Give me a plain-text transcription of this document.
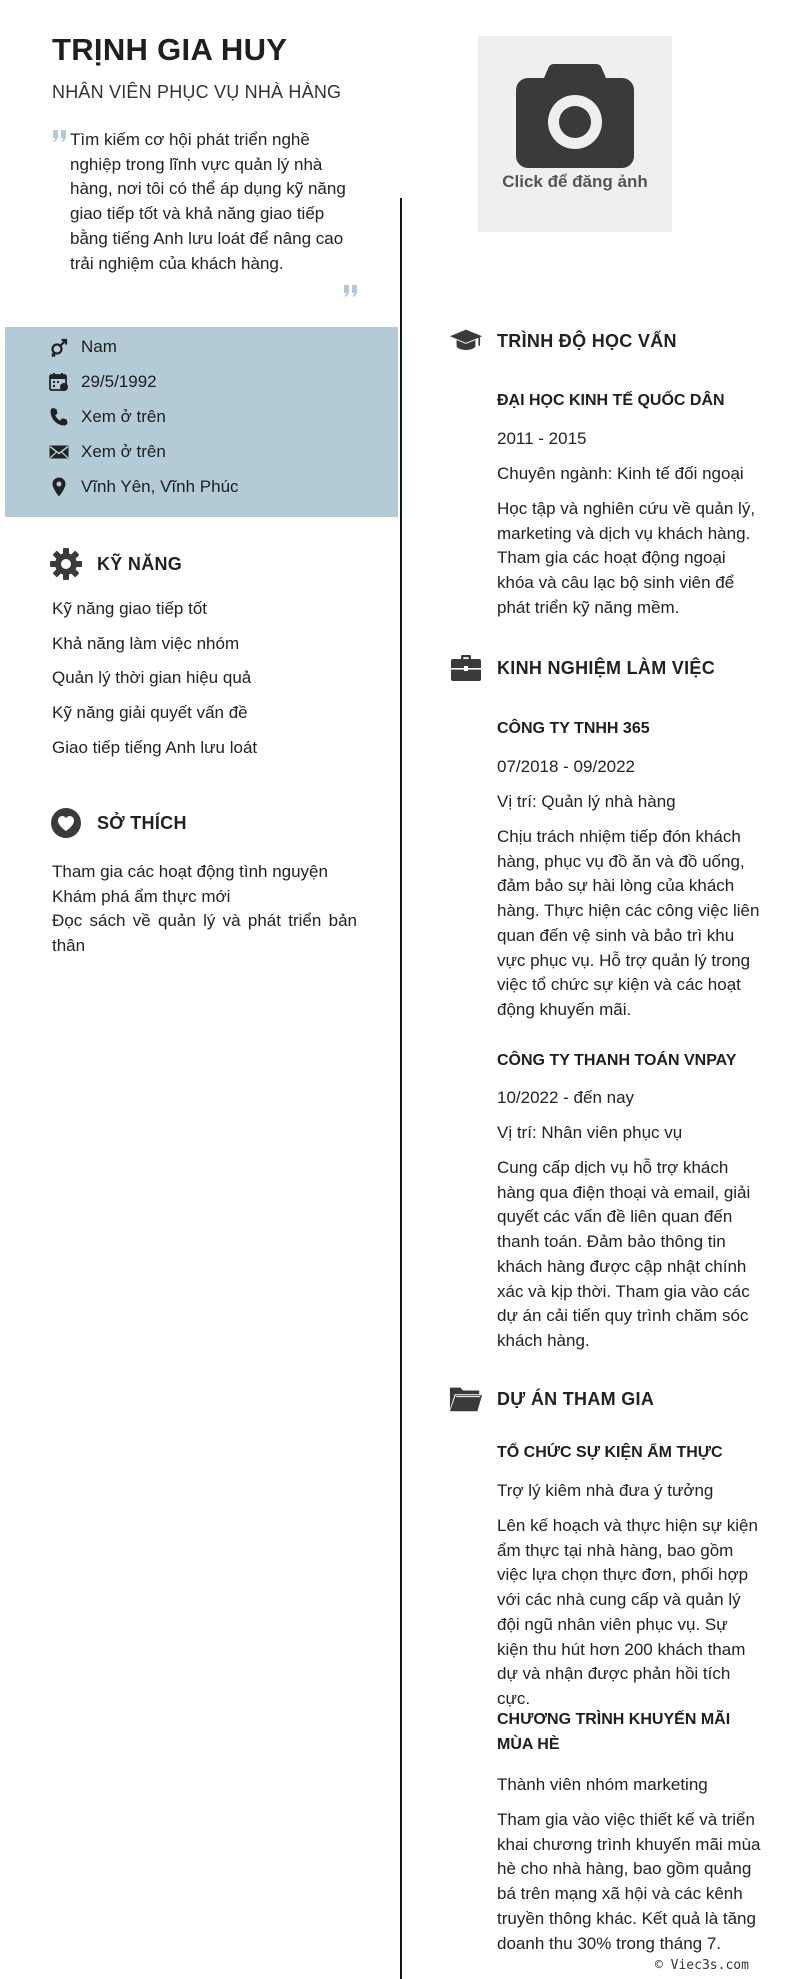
TRỊNH GIA HUY
NHÂN VIÊN PHỤC VỤ NHÀ HÀNG
Tìm kiếm cơ hội phát triển nghề nghiệp trong lĩnh vực quản lý nhà hàng, nơi tôi có thể áp dụng kỹ năng giao tiếp tốt và khả năng giao tiếp bằng tiếng Anh lưu loát để nâng cao trải nghiệm của khách hàng.
Click để đăng ảnh
Nam
29/5/1992
Xem ở trên
Xem ở trên
Vĩnh Yên, Vĩnh Phúc
KỸ NĂNG
Kỹ năng giao tiếp tốt
Khả năng làm việc nhóm
Quản lý thời gian hiệu quả
Kỹ năng giải quyết vấn đề
Giao tiếp tiếng Anh lưu loát
SỞ THÍCH
Tham gia các hoạt động tình nguyện
Khám phá ẩm thực mới
Đọc sách về quản lý và phát triển bản thân
TRÌNH ĐỘ HỌC VẤN
ĐẠI HỌC KINH TẾ QUỐC DÂN
2011 - 2015
Chuyên ngành: Kinh tế đối ngoại
Học tập và nghiên cứu về quản lý, marketing và dịch vụ khách hàng. Tham gia các hoạt động ngoại khóa và câu lạc bộ sinh viên để phát triển kỹ năng mềm.
KINH NGHIỆM LÀM VIỆC
CÔNG TY TNHH 365
07/2018 - 09/2022
Vị trí: Quản lý nhà hàng
Chịu trách nhiệm tiếp đón khách hàng, phục vụ đồ ăn và đồ uống, đảm bảo sự hài lòng của khách hàng. Thực hiện các công việc liên quan đến vệ sinh và bảo trì khu vực phục vụ. Hỗ trợ quản lý trong việc tổ chức sự kiện và các hoạt động khuyến mãi.
CÔNG TY THANH TOÁN VNPAY
10/2022 - đến nay
Vị trí: Nhân viên phục vụ
Cung cấp dịch vụ hỗ trợ khách hàng qua điện thoại và email, giải quyết các vấn đề liên quan đến thanh toán. Đảm bảo thông tin khách hàng được cập nhật chính xác và kịp thời. Tham gia vào các dự án cải tiến quy trình chăm sóc khách hàng.
DỰ ÁN THAM GIA
TỔ CHỨC SỰ KIỆN ẨM THỰC
Trợ lý kiêm nhà đưa ý tưởng
Lên kế hoạch và thực hiện sự kiện ẩm thực tại nhà hàng, bao gồm việc lựa chọn thực đơn, phối hợp với các nhà cung cấp và quản lý đội ngũ nhân viên phục vụ. Sự kiện thu hút hơn 200 khách tham dự và nhận được phản hồi tích cực.
CHƯƠNG TRÌNH KHUYẾN MÃI MÙA HÈ
Thành viên nhóm marketing
Tham gia vào việc thiết kế và triển khai chương trình khuyến mãi mùa hè cho nhà hàng, bao gồm quảng bá trên mạng xã hội và các kênh truyền thông khác. Kết quả là tăng doanh thu 30% trong tháng 7.
© Viec3s.com
